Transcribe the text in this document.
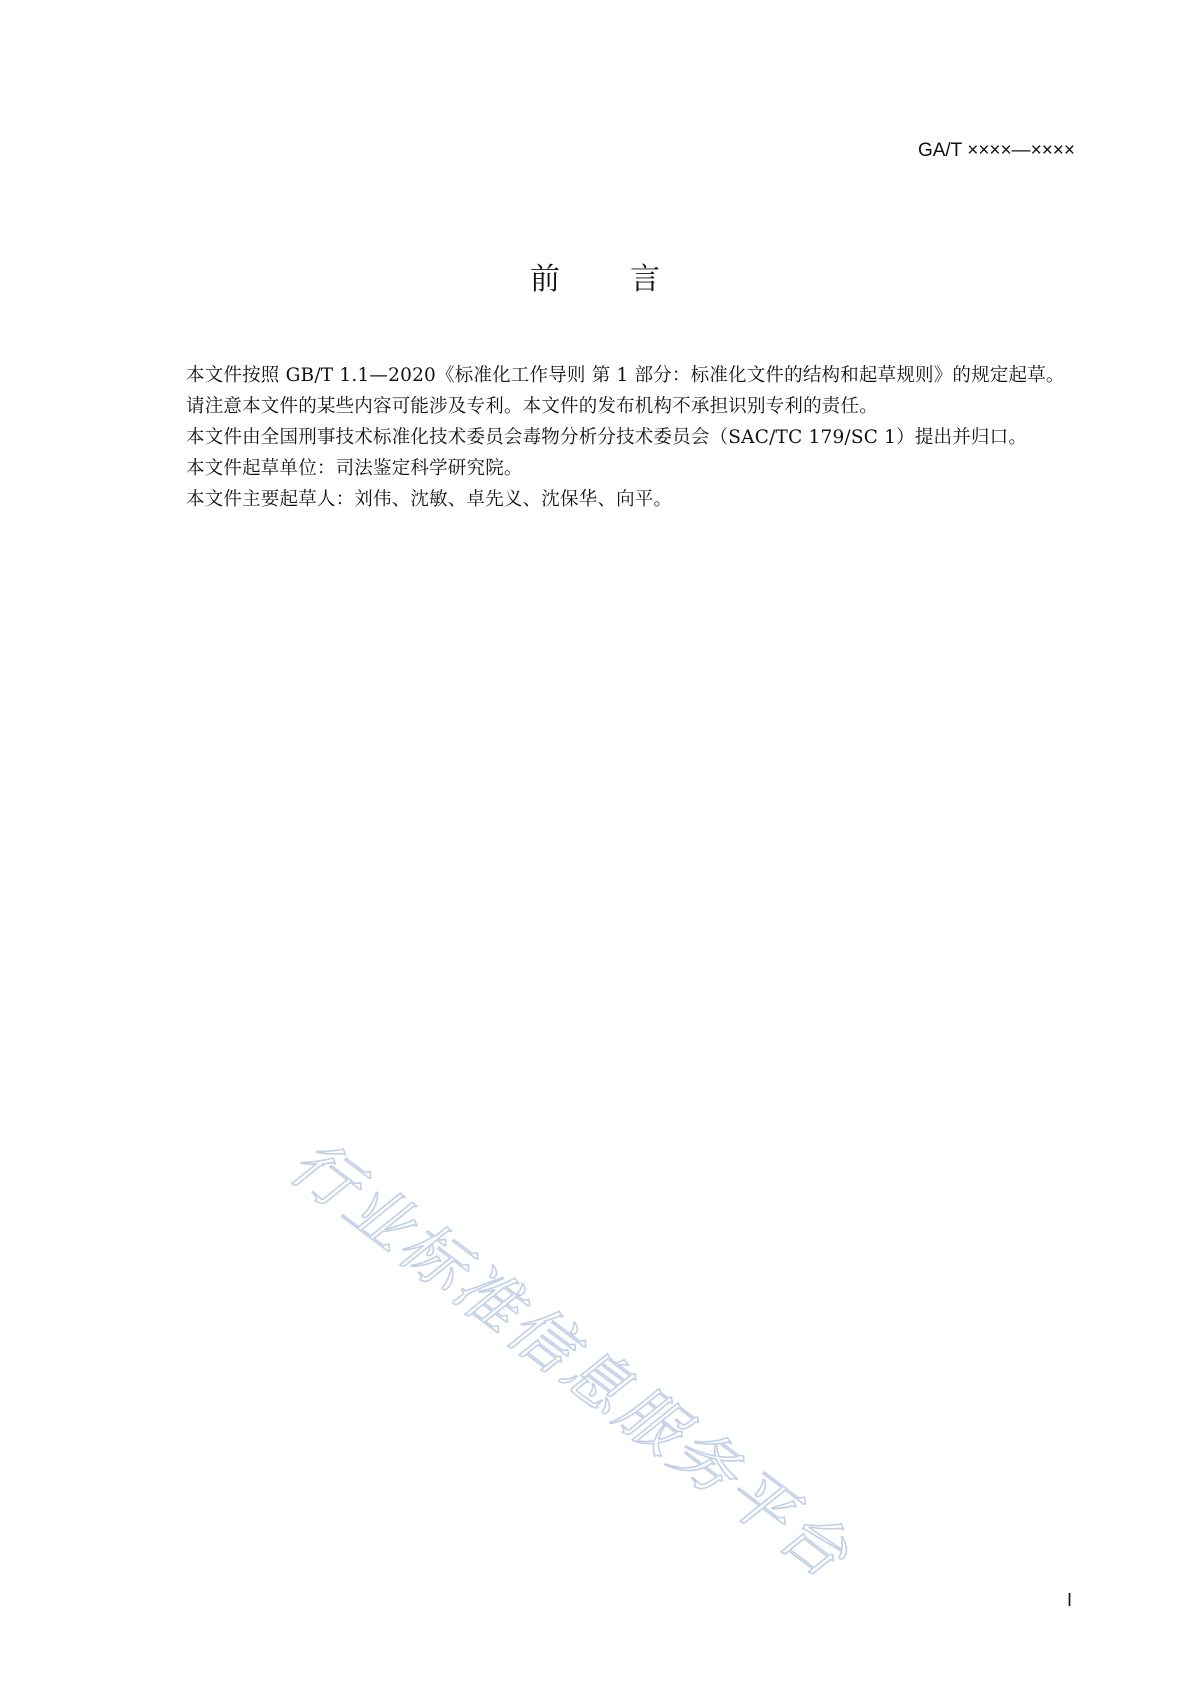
GA/T ××××—××××
前言

本文件按照 GB/T 1.1—2020《标准化工作导则 第 1 部分：标准化文件的结构和起草规则》的规定起草。

请注意本文件的某些内容可能涉及专利。本文件的发布机构不承担识别专利的责任。

本文件由全国刑事技术标准化技术委员会毒物分析分技术委员会（SAC/TC 179/SC 1）提出并归口。

本文件起草单位：司法鉴定科学研究院。

本文件主要起草人：刘伟、沈敏、卓先义、沈保华、向平。

行业标准信息服务平台
I
